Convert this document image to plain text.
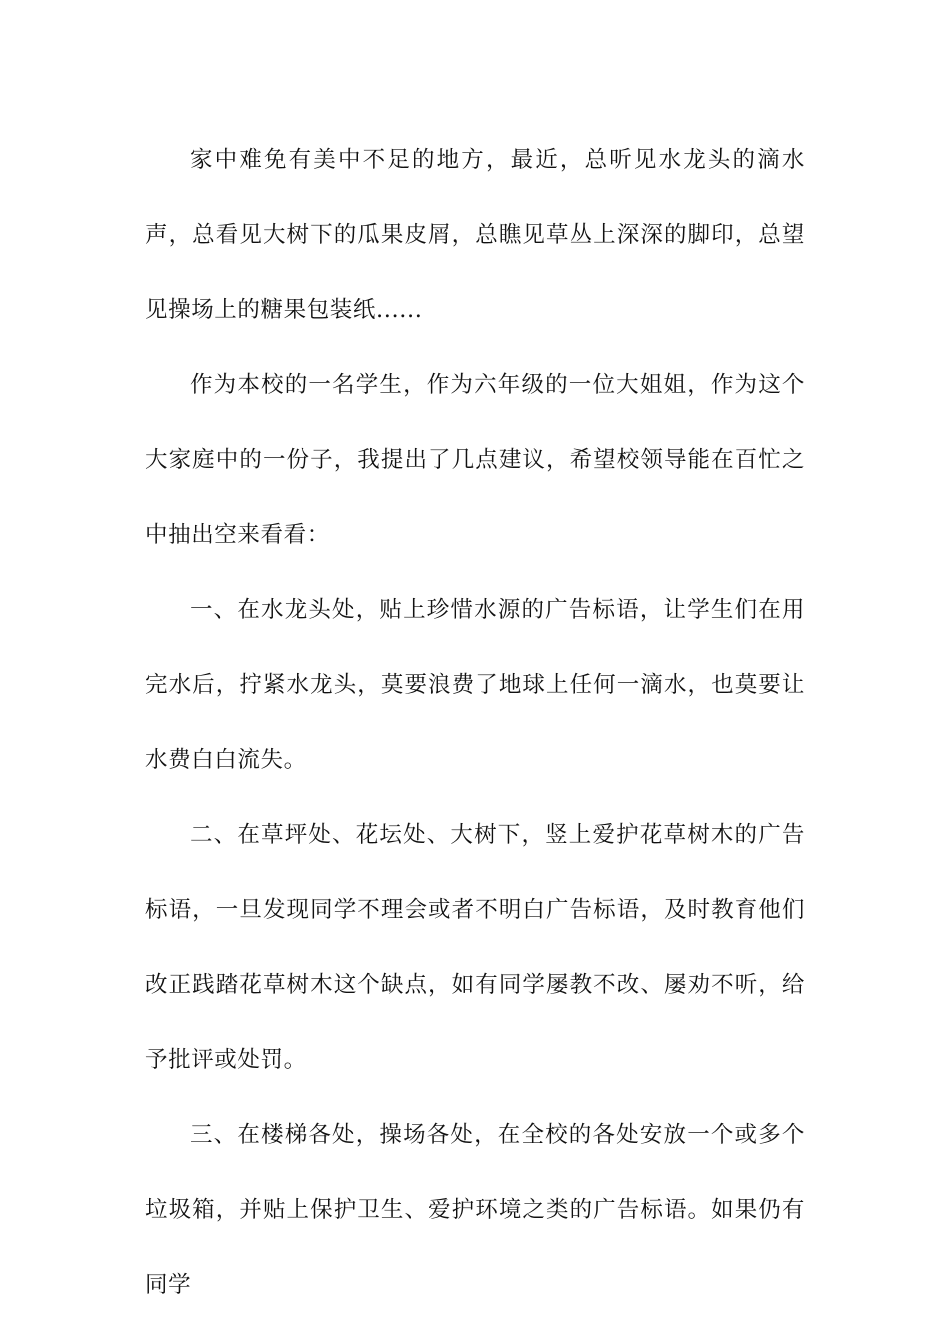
家中难免有美中不足的地方，最近，总听见水龙头的滴水声，总看见大树下的瓜果皮屑，总瞧见草丛上深深的脚印，总望见操场上的糖果包装纸......

作为本校的一名学生，作为六年级的一位大姐姐，作为这个大家庭中的一份子，我提出了几点建议，希望校领导能在百忙之中抽出空来看看：

一、在水龙头处，贴上珍惜水源的广告标语，让学生们在用完水后，拧紧水龙头，莫要浪费了地球上任何一滴水，也莫要让水费白白流失。

二、在草坪处、花坛处、大树下，竖上爱护花草树木的广告标语，一旦发现同学不理会或者不明白广告标语，及时教育他们改正践踏花草树木这个缺点，如有同学屡教不改、屡劝不听，给予批评或处罚。

三、在楼梯各处，操场各处，在全校的各处安放一个或多个垃圾箱，并贴上保护卫生、爱护环境之类的广告标语。如果仍有同学
